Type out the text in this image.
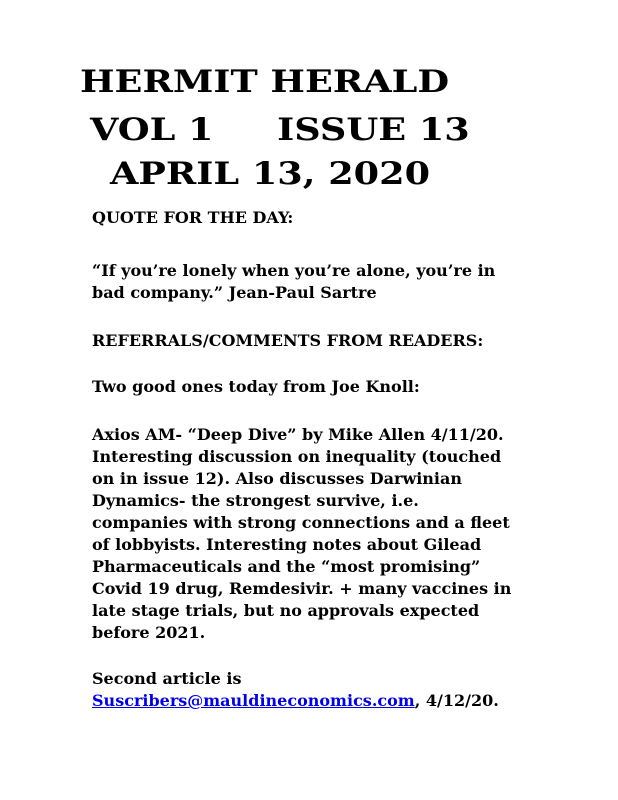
HERMIT HERALD
VOL 1     ISSUE 13
APRIL 13, 2020

QUOTE FOR THE DAY:

“If you’re lonely when you’re alone, you’re in

bad company.” Jean-Paul Sartre

REFERRALS/COMMENTS FROM READERS:

Two good ones today from Joe Knoll:

Axios AM- “Deep Dive” by Mike Allen 4/11/20.

Interesting discussion on inequality (touched

on in issue 12). Also discusses Darwinian

Dynamics- the strongest survive, i.e.

companies with strong connections and a fleet

of lobbyists. Interesting notes about Gilead

Pharmaceuticals and the “most promising”

Covid 19 drug, Remdesivir. + many vaccines in

late stage trials, but no approvals expected

before 2021.

Second article is

Suscribers@mauldineconomics.com, 4/12/20.
